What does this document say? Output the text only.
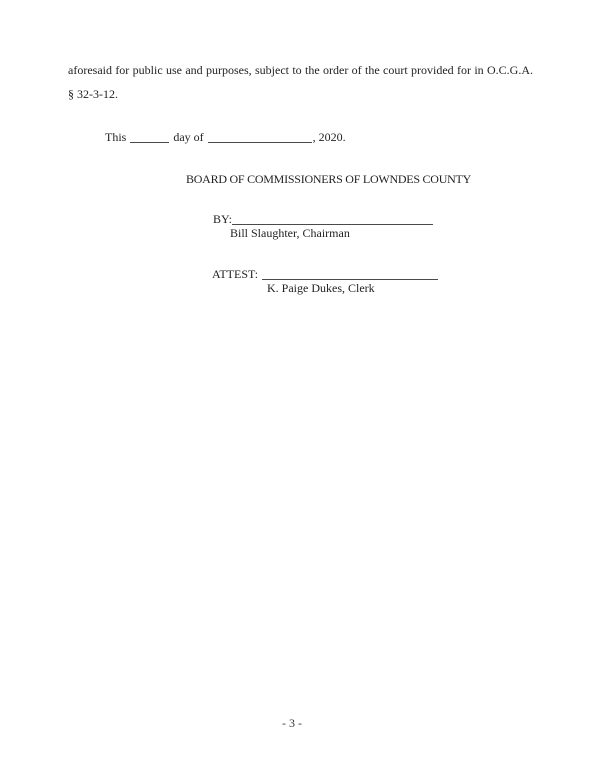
aforesaid for public use and purposes, subject to the order of the court provided for in O.C.G.A.
§ 32-3-12.

This	day of	, 2020.
BOARD OF COMMISSIONERS OF LOWNDES COUNTY
BY:
Bill Slaughter, Chairman
ATTEST:
K. Paige Dukes, Clerk
- 3 -
